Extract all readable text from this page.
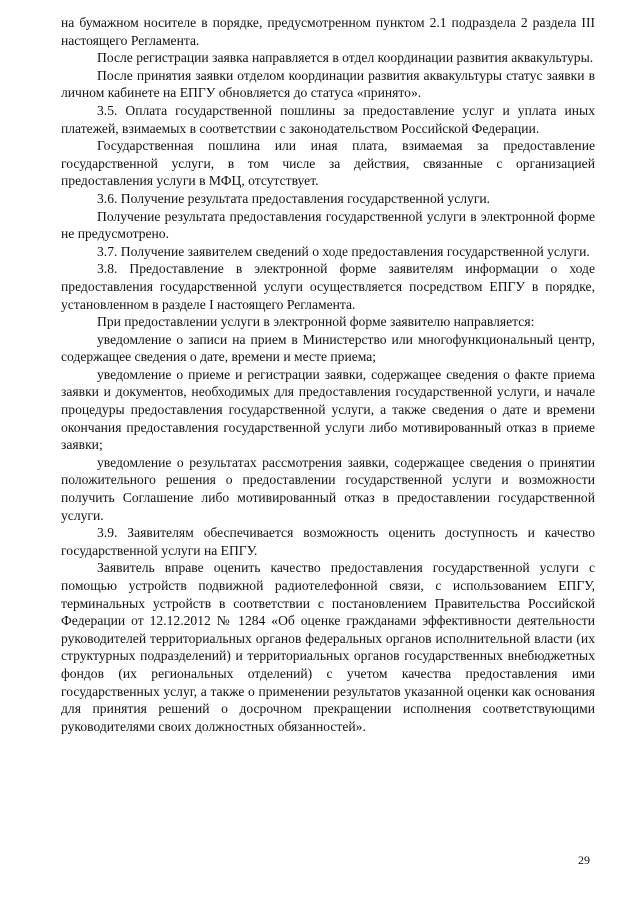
на бумажном носителе в порядке, предусмотренном пунктом 2.1 подраздела 2 раздела III настоящего Регламента.

После регистрации заявка направляется в отдел координации развития аквакультуры.

После принятия заявки отделом координации развития аквакультуры статус заявки в личном кабинете на ЕПГУ обновляется до статуса «принято».

3.5. Оплата государственной пошлины за предоставление услуг и уплата иных платежей, взимаемых в соответствии с законодательством Российской Федерации.

Государственная пошлина или иная плата, взимаемая за предоставление государственной услуги, в том числе за действия, связанные с организацией предоставления услуги в МФЦ, отсутствует.

3.6. Получение результата предоставления государственной услуги.

Получение результата предоставления государственной услуги в электронной форме не предусмотрено.

3.7. Получение заявителем сведений о ходе предоставления государственной услуги.

3.8. Предоставление в электронной форме заявителям информации о ходе предоставления государственной услуги осуществляется посредством ЕПГУ в порядке, установленном в разделе I настоящего Регламента.

При предоставлении услуги в электронной форме заявителю направляется:

уведомление о записи на прием в Министерство или многофункциональный центр, содержащее сведения о дате, времени и месте приема;

уведомление о приеме и регистрации заявки, содержащее сведения о факте приема заявки и документов, необходимых для предоставления государственной услуги, и начале процедуры предоставления государственной услуги, а также сведения о дате и времени окончания предоставления государственной услуги либо мотивированный отказ в приеме заявки;

уведомление о результатах рассмотрения заявки, содержащее сведения о принятии положительного решения о предоставлении государственной услуги и возможности получить Соглашение либо мотивированный отказ в предоставлении государственной услуги.

3.9. Заявителям обеспечивается возможность оценить доступность и качество государственной услуги на ЕПГУ.

Заявитель вправе оценить качество предоставления государственной услуги с помощью устройств подвижной радиотелефонной связи, с использованием ЕПГУ, терминальных устройств в соответствии с постановлением Правительства Российской Федерации от 12.12.2012 № 1284 «Об оценке гражданами эффективности деятельности руководителей территориальных органов федеральных органов исполнительной власти (их структурных подразделений) и территориальных органов государственных внебюджетных фондов (их региональных отделений) с учетом качества предоставления ими государственных услуг, а также о применении результатов указанной оценки как основания для принятия решений о досрочном прекращении исполнения соответствующими руководителями своих должностных обязанностей».

29
